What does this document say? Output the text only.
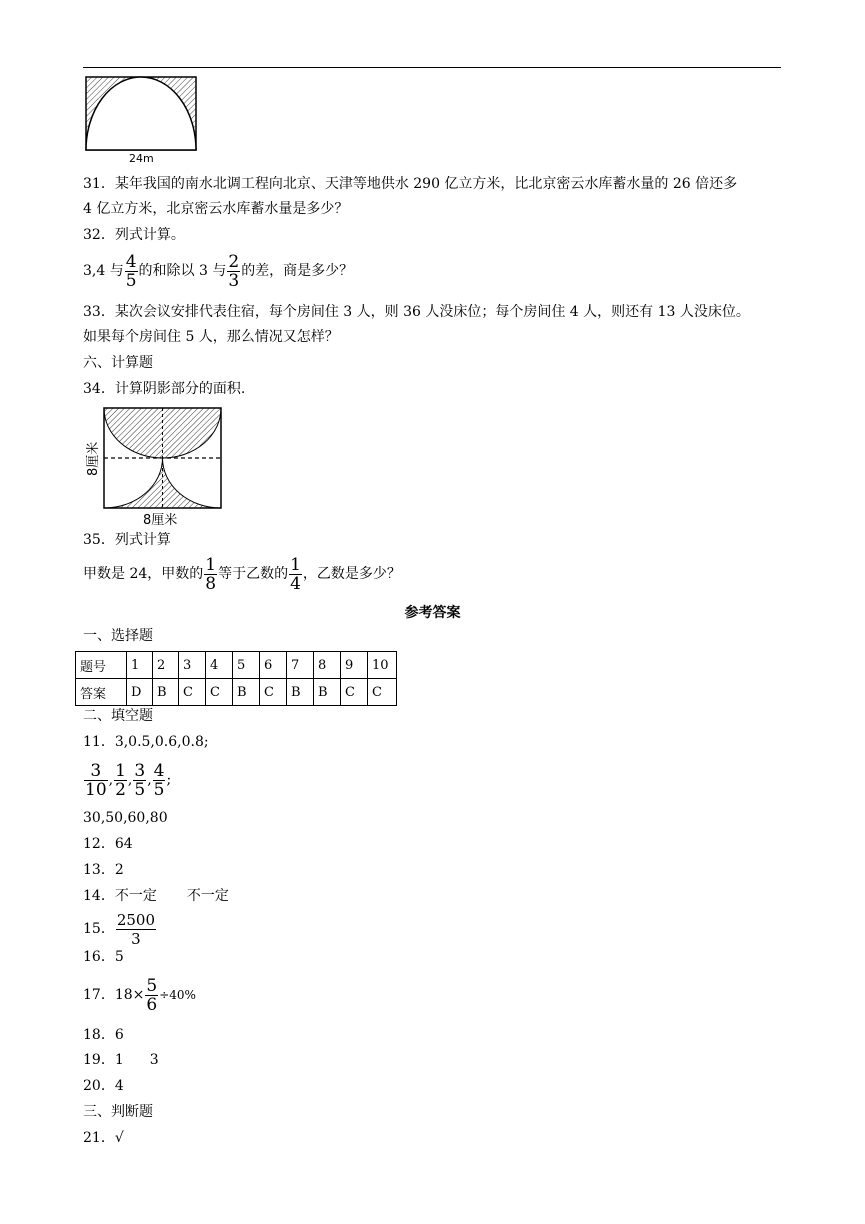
24m
31．某年我国的南水北调工程向北京、天津等地供水 290 亿立方米，比北京密云水库蓄水量的 26 倍还多
4 亿立方米，北京密云水库蓄水量是多少？
32．列式计算。
3,4 与 $\frac{4}{5}$ 的和除以 3 与 $\frac{2}{3}$ 的差，商是多少？
33．某次会议安排代表住宿，每个房间住 3 人，则 36 人没床位；每个房间住 4 人，则还有 13 人没床位。
如果每个房间住 5 人，那么情况又怎样？
六、计算题
34．计算阴影部分的面积.
8厘米
8厘米
35．列式计算
甲数是 24，甲数的 $\frac{1}{8}$ 等于乙数的 $\frac{1}{4}$ ，乙数是多少？
参考答案
一、选择题
题号	1	2	3	4	5	6	7	8	9	10
答案	D	B	C	C	B	C	B	B	C	C
二、填空题
11．3,0.5,0.6,0.8;
$\frac{3}{10}$ , $\frac{1}{2}$ , $\frac{3}{5}$ , $\frac{4}{5}$ ;
30,50,60,80
12．64
13．2
14．不一定 不一定
15． $\frac{2500}{3}$
16．5
17．$18\times \frac{5}{6} \div 40\%$
18．6
19．1 3
20．4
三、判断题
21．√
